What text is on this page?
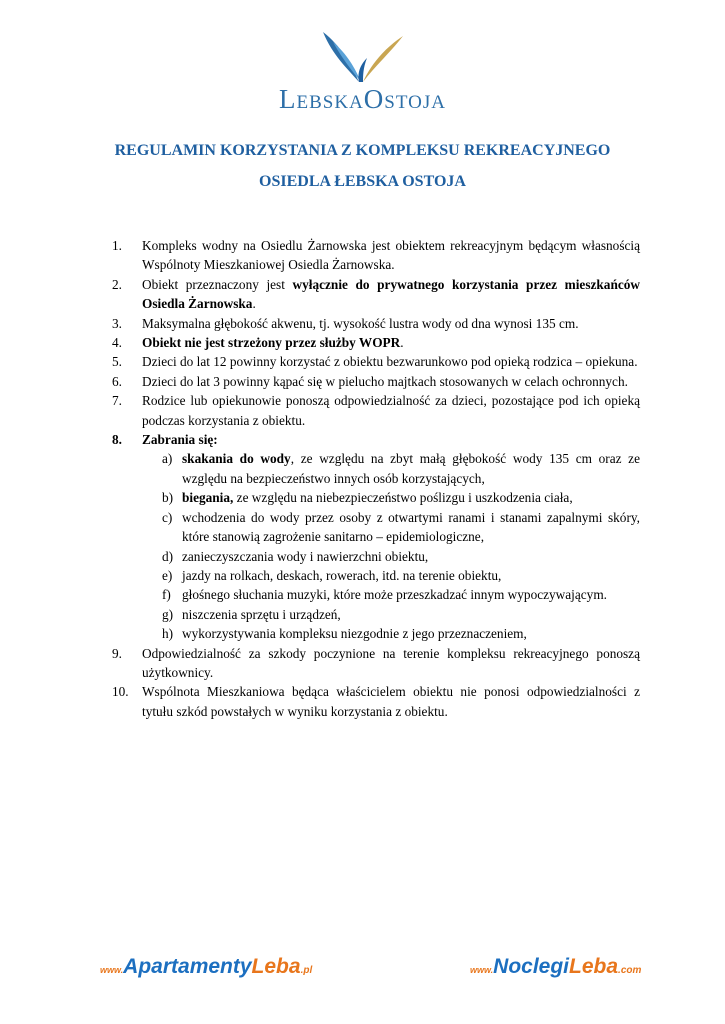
LebskaOstoja
REGULAMIN KORZYSTANIA Z KOMPLEKSU REKREACYJNEGO
OSIEDLA ŁEBSKA OSTOJA
1.	Kompleks wodny na Osiedlu Żarnowska jest obiektem rekreacyjnym będącym własnością Wspólnoty Mieszkaniowej Osiedla Żarnowska.
2.	Obiekt przeznaczony jest wyłącznie do prywatnego korzystania przez mieszkańców Osiedla Żarnowska.
3.	Maksymalna głębokość akwenu, tj. wysokość lustra wody od dna wynosi 135 cm.
4.	Obiekt nie jest strzeżony przez służby WOPR.
5.	Dzieci do lat 12 powinny korzystać z obiektu bezwarunkowo pod opieką rodzica – opiekuna.
6.	Dzieci do lat 3 powinny kąpać się w pielucho majtkach stosowanych w celach ochronnych.
7.	Rodzice lub opiekunowie ponoszą odpowiedzialność za dzieci, pozostające pod ich opieką podczas korzystania z obiektu.
8.	Zabrania się:
a) skakania do wody, ze względu na zbyt małą głębokość wody 135 cm oraz ze względu na bezpieczeństwo innych osób korzystających,
b) biegania, ze względu na niebezpieczeństwo poślizgu i uszkodzenia ciała,
c) wchodzenia do wody przez osoby z otwartymi ranami i stanami zapalnymi skóry, które stanowią zagrożenie sanitarno – epidemiologiczne,
d) zanieczyszczania wody i nawierzchni obiektu,
e) jazdy na rolkach, deskach, rowerach, itd. na terenie obiektu,
f) głośnego słuchania muzyki, które może przeszkadzać innym wypoczywającym.
g) niszczenia sprzętu i urządzeń,
h) wykorzystywania kompleksu niezgodnie z jego przeznaczeniem,
9.	Odpowiedzialność za szkody poczynione na terenie kompleksu rekreacyjnego ponoszą użytkownicy.
10.	Wspólnota Mieszkaniowa będąca właścicielem obiektu nie ponosi odpowiedzialności z tytułu szkód powstałych w wyniku korzystania z obiektu.
www.ApartamentyLeba.pl	www.NoclegiLeba.com
